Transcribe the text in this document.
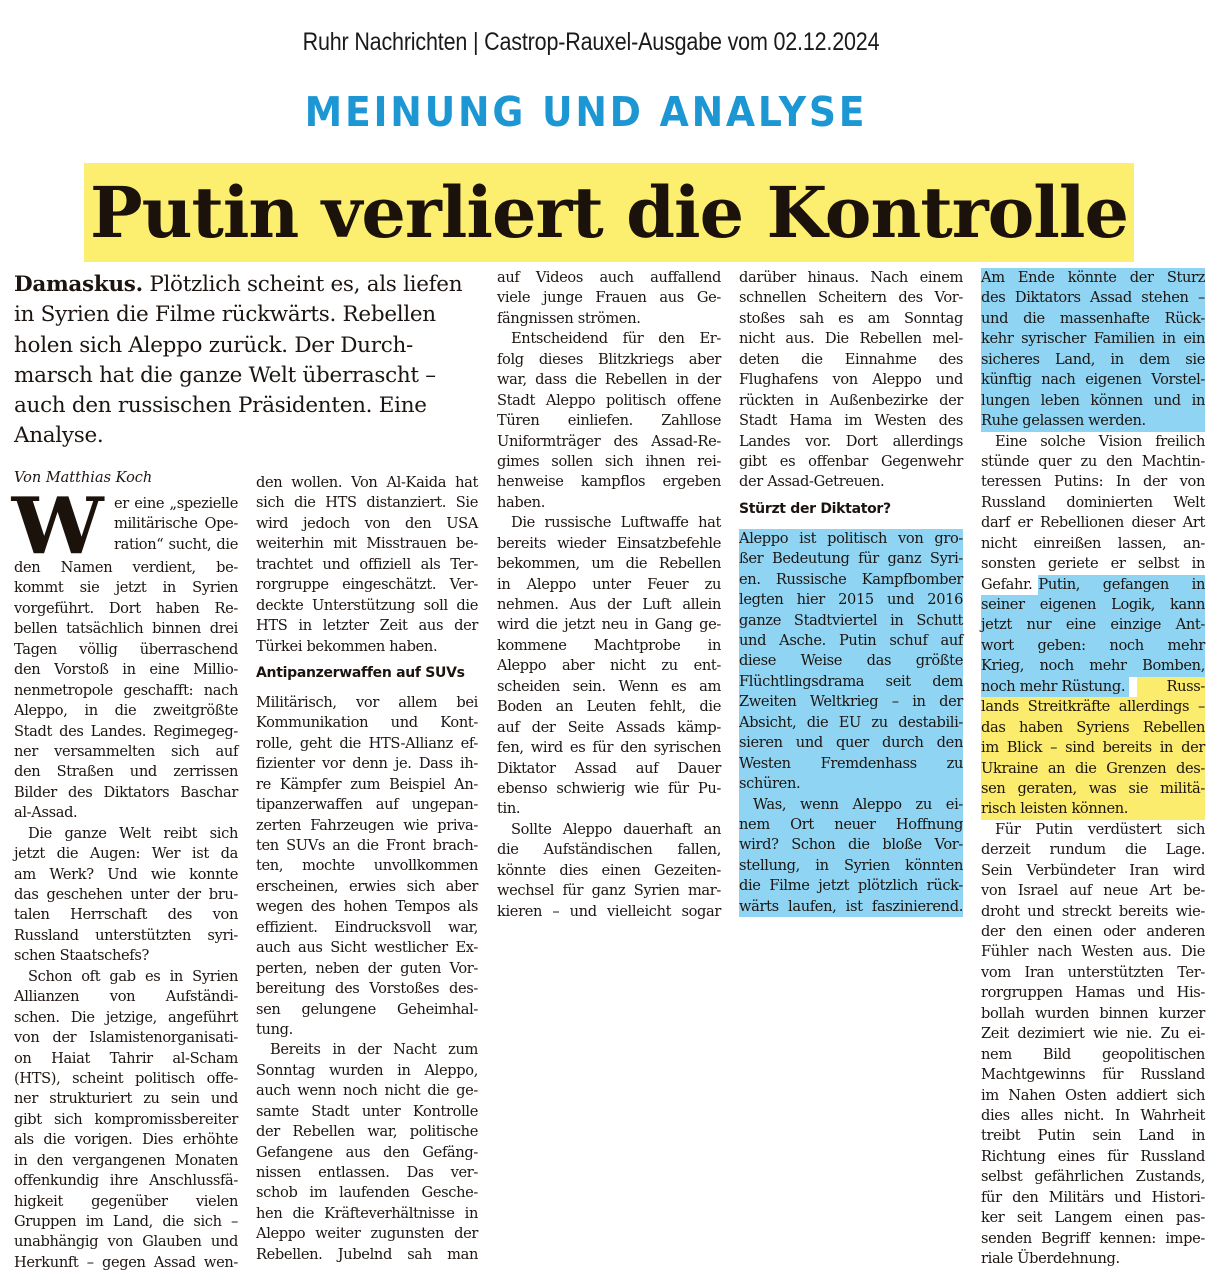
Ruhr Nachrichten | Castrop-Rauxel-Ausgabe vom 02.12.2024
MEINUNG UND ANALYSE
Putin verliert die Kontrolle

Damaskus. Plötzlich scheint es, als liefen
in Syrien die Filme rückwärts. Rebellen
holen sich Aleppo zurück. Der Durch-
marsch hat die ganze Welt überrascht –
auch den russischen Präsidenten. Eine
Analyse.

Von Matthias Koch
W	er eine „spezielle
militärische Ope-
ration“ sucht, die
den Namen verdient, be-
kommt sie jetzt in Syrien
vorgeführt. Dort haben Re-
bellen tatsächlich binnen drei
Tagen völlig überraschend
den Vorstoß in eine Millio-
nenmetropole geschafft: nach
Aleppo, in die zweitgrößte
Stadt des Landes. Regimegeg-
ner versammelten sich auf
den Straßen und zerrissen
Bilder des Diktators Baschar
al-Assad.
Die ganze Welt reibt sich
jetzt die Augen: Wer ist da
am Werk? Und wie konnte
das geschehen unter der bru-
talen Herrschaft des von
Russland unterstützten syri-
schen Staatschefs?
Schon oft gab es in Syrien
Allianzen von Aufständi-
schen. Die jetzige, angeführt
von der Islamistenorganisati-
on Haiat Tahrir al-Scham
(HTS), scheint politisch offe-
ner strukturiert zu sein und
gibt sich kompromissbereiter
als die vorigen. Dies erhöhte
in den vergangenen Monaten
offenkundig ihre Anschlussfä-
higkeit gegenüber vielen
Gruppen im Land, die sich –
unabhängig von Glauben und
Herkunft – gegen Assad wen-
den wollen. Von Al-Kaida hat
sich die HTS distanziert. Sie
wird jedoch von den USA
weiterhin mit Misstrauen be-
trachtet und offiziell als Ter-
rorgruppe eingeschätzt. Ver-
deckte Unterstützung soll die
HTS in letzter Zeit aus der
Türkei bekommen haben.
Antipanzerwaffen auf SUVs
Militärisch, vor allem bei
Kommunikation und Kont-
rolle, geht die HTS-Allianz ef-
fizienter vor denn je. Dass ih-
re Kämpfer zum Beispiel An-
tipanzerwaffen auf ungepan-
zerten Fahrzeugen wie priva-
ten SUVs an die Front brach-
ten, mochte unvollkommen
erscheinen, erwies sich aber
wegen des hohen Tempos als
effizient. Eindrucksvoll war,
auch aus Sicht westlicher Ex-
perten, neben der guten Vor-
bereitung des Vorstoßes des-
sen gelungene Geheimhal-
tung.
Bereits in der Nacht zum
Sonntag wurden in Aleppo,
auch wenn noch nicht die ge-
samte Stadt unter Kontrolle
der Rebellen war, politische
Gefangene aus den Gefäng-
nissen entlassen. Das ver-
schob im laufenden Gesche-
hen die Kräfteverhältnisse in
Aleppo weiter zugunsten der
Rebellen. Jubelnd sah man
auf Videos auch auffallend
viele junge Frauen aus Ge-
fängnissen strömen.
Entscheidend für den Er-
folg dieses Blitzkriegs aber
war, dass die Rebellen in der
Stadt Aleppo politisch offene
Türen einliefen. Zahllose
Uniformträger des Assad-Re-
gimes sollen sich ihnen rei-
henweise kampflos ergeben
haben.
Die russische Luftwaffe hat
bereits wieder Einsatzbefehle
bekommen, um die Rebellen
in Aleppo unter Feuer zu
nehmen. Aus der Luft allein
wird die jetzt neu in Gang ge-
kommene Machtprobe in
Aleppo aber nicht zu ent-
scheiden sein. Wenn es am
Boden an Leuten fehlt, die
auf der Seite Assads kämp-
fen, wird es für den syrischen
Diktator Assad auf Dauer
ebenso schwierig wie für Pu-
tin.
Sollte Aleppo dauerhaft an
die Aufständischen fallen,
könnte dies einen Gezeiten-
wechsel für ganz Syrien mar-
kieren – und vielleicht sogar
darüber hinaus. Nach einem
schnellen Scheitern des Vor-
stoßes sah es am Sonntag
nicht aus. Die Rebellen mel-
deten die Einnahme des
Flughafens von Aleppo und
rückten in Außenbezirke der
Stadt Hama im Westen des
Landes vor. Dort allerdings
gibt es offenbar Gegenwehr
der Assad-Getreuen.
Stürzt der Diktator?
Aleppo ist politisch von gro-
ßer Bedeutung für ganz Syri-
en. Russische Kampfbomber
legten hier 2015 und 2016
ganze Stadtviertel in Schutt
und Asche. Putin schuf auf
diese Weise das größte
Flüchtlingsdrama seit dem
Zweiten Weltkrieg – in der
Absicht, die EU zu destabili-
sieren und quer durch den
Westen Fremdenhass zu
schüren.
Was, wenn Aleppo zu ei-
nem Ort neuer Hoffnung
wird? Schon die bloße Vor-
stellung, in Syrien könnten
die Filme jetzt plötzlich rück-
wärts laufen, ist faszinierend.
Am Ende könnte der Sturz
des Diktators Assad stehen –
und die massenhafte Rück-
kehr syrischer Familien in ein
sicheres Land, in dem sie
künftig nach eigenen Vorstel-
lungen leben können und in
Ruhe gelassen werden.
Eine solche Vision freilich
stünde quer zu den Machtin-
teressen Putins: In der von
Russland dominierten Welt
darf er Rebellionen dieser Art
nicht einreißen lassen, an-
sonsten geriete er selbst in
Gefahr. Putin, gefangen in
seiner eigenen Logik, kann
jetzt nur eine einzige Ant-
wort geben: noch mehr
Krieg, noch mehr Bomben,
noch mehr Rüstung.	Russ-
lands Streitkräfte allerdings –
das haben Syriens Rebellen
im Blick – sind bereits in der
Ukraine an die Grenzen des-
sen geraten, was sie militä-
risch leisten können.
Für Putin verdüstert sich
derzeit rundum die Lage.
Sein Verbündeter Iran wird
von Israel auf neue Art be-
droht und streckt bereits wie-
der den einen oder anderen
Fühler nach Westen aus. Die
vom Iran unterstützten Ter-
rorgruppen Hamas und His-
bollah wurden binnen kurzer
Zeit dezimiert wie nie. Zu ei-
nem Bild geopolitischen
Machtgewinns für Russland
im Nahen Osten addiert sich
dies alles nicht. In Wahrheit
treibt Putin sein Land in
Richtung eines für Russland
selbst gefährlichen Zustands,
für den Militärs und Histori-
ker seit Langem einen pas-
senden Begriff kennen: impe-
riale Überdehnung.
